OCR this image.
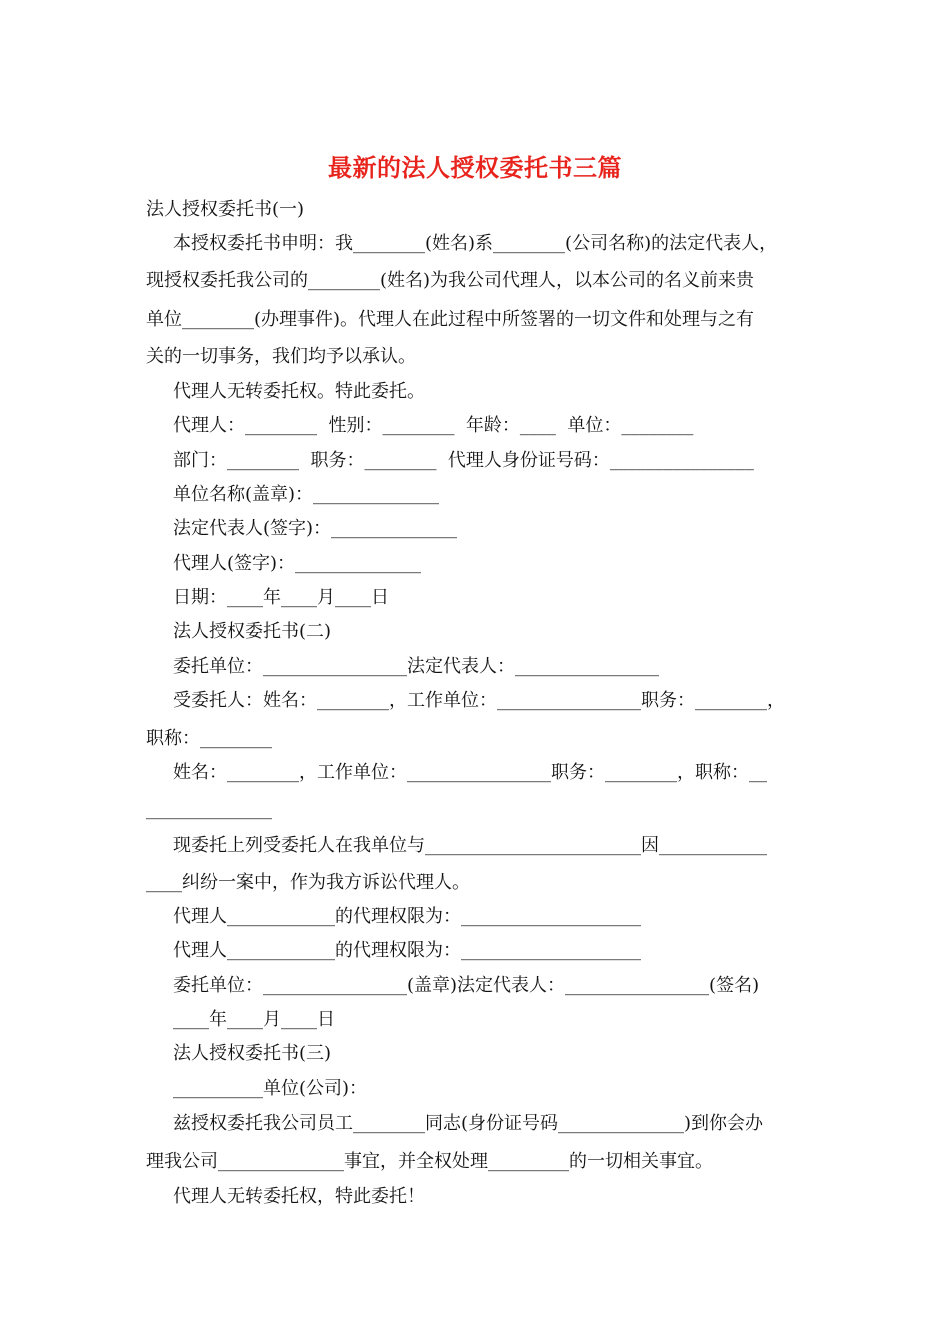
最新的法人授权委托书三篇
法人授权委托书(一)
本授权委托书申明：我________(姓名)系________(公司名称)的法定代表人，
现授权委托我公司的________(姓名)为我公司代理人，以本公司的名义前来贵
单位________(办理事件)。代理人在此过程中所签署的一切文件和处理与之有
关的一切事务，我们均予以承认。
代理人无转委托权。特此委托。
代理人：________  性别：________  年龄：____  单位：________
部门：________  职务：________  代理人身份证号码：________________
单位名称(盖章)：______________
法定代表人(签字)：______________
代理人(签字)：______________
日期：____年____月____日
法人授权委托书(二)
委托单位：________________法定代表人：________________
受委托人：姓名：________，工作单位：________________职务：________，
职称：________
姓名：________，工作单位：________________职务：________，职称：__
______________
现委托上列受委托人在我单位与________________________因____________
____纠纷一案中，作为我方诉讼代理人。
代理人____________的代理权限为：____________________
代理人____________的代理权限为：____________________
委托单位：________________(盖章)法定代表人：________________(签名)
____年____月____日
法人授权委托书(三)
__________单位(公司)：
兹授权委托我公司员工________同志(身份证号码______________)到你会办
理我公司______________事宜，并全权处理_________的一切相关事宜。
代理人无转委托权，特此委托！
